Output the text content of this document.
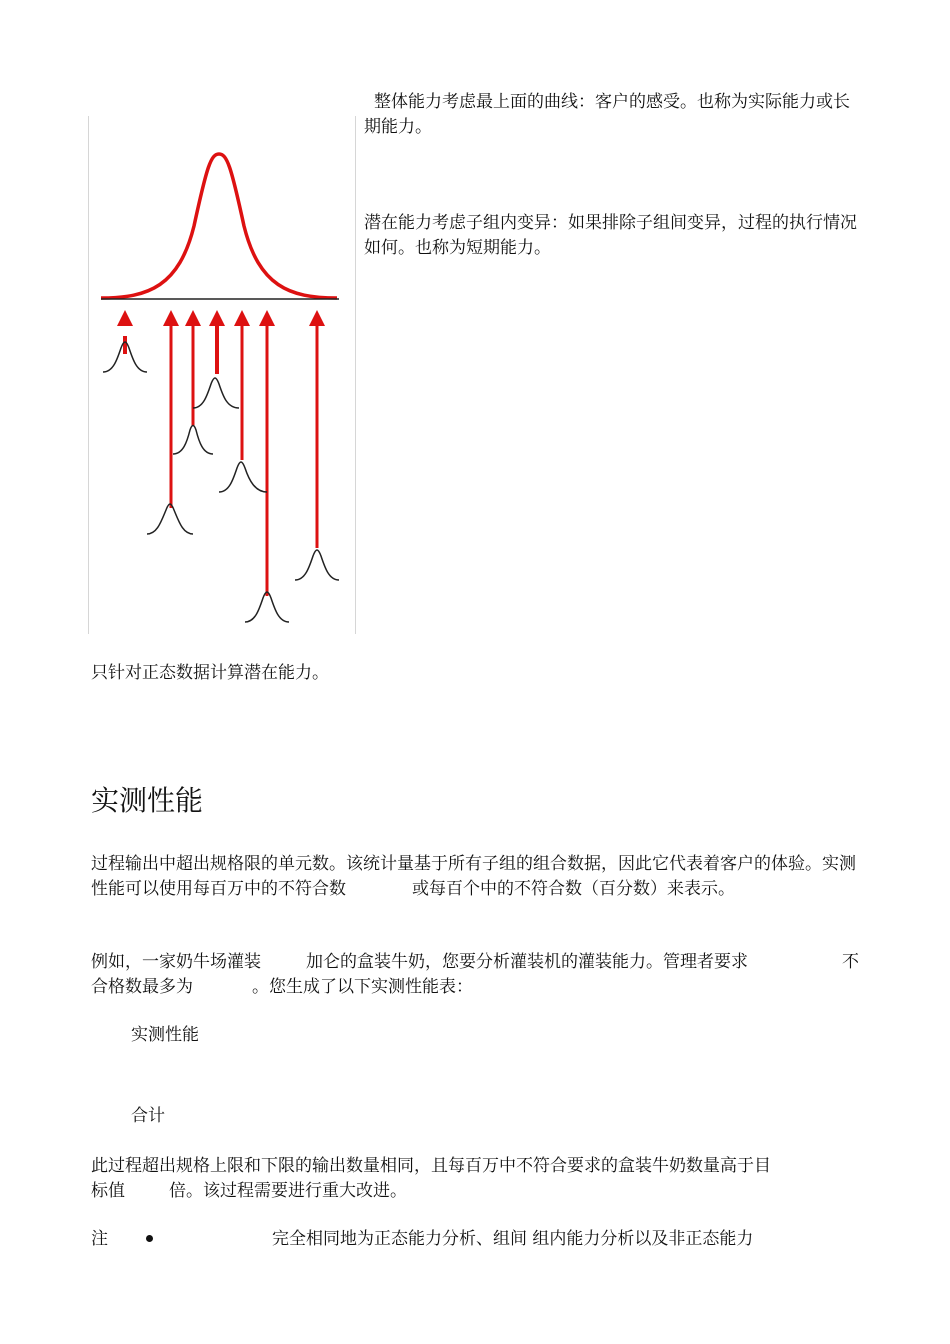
整体能力考虑最上面的曲线：客户的感受。也称为实际能力或长期能力。
潜在能力考虑子组内变异：如果排除子组间变异，过程的执行情况如何。也称为短期能力。
只针对正态数据计算潜在能力。
实测性能
过程输出中超出规格限的单元数。该统计量基于所有子组的组合数据，因此它代表着客户的体验。实测性能可以使用每百万中的不符合数	或每百个中的不符合数（百分数）来表示。
例如，一家奶牛场灌装	加仑的盒装牛奶，您要分析灌装机的灌装能力。管理者要求	不
合格数最多为	。您生成了以下实测性能表：
实测性能
合计
此过程超出规格上限和下限的输出数量相同，且每百万中不符合要求的盒装牛奶数量高于目
标值	倍。该过程需要进行重大改进。
注	完全相同地为正态能力分析、组间 组内能力分析以及非正态能力
